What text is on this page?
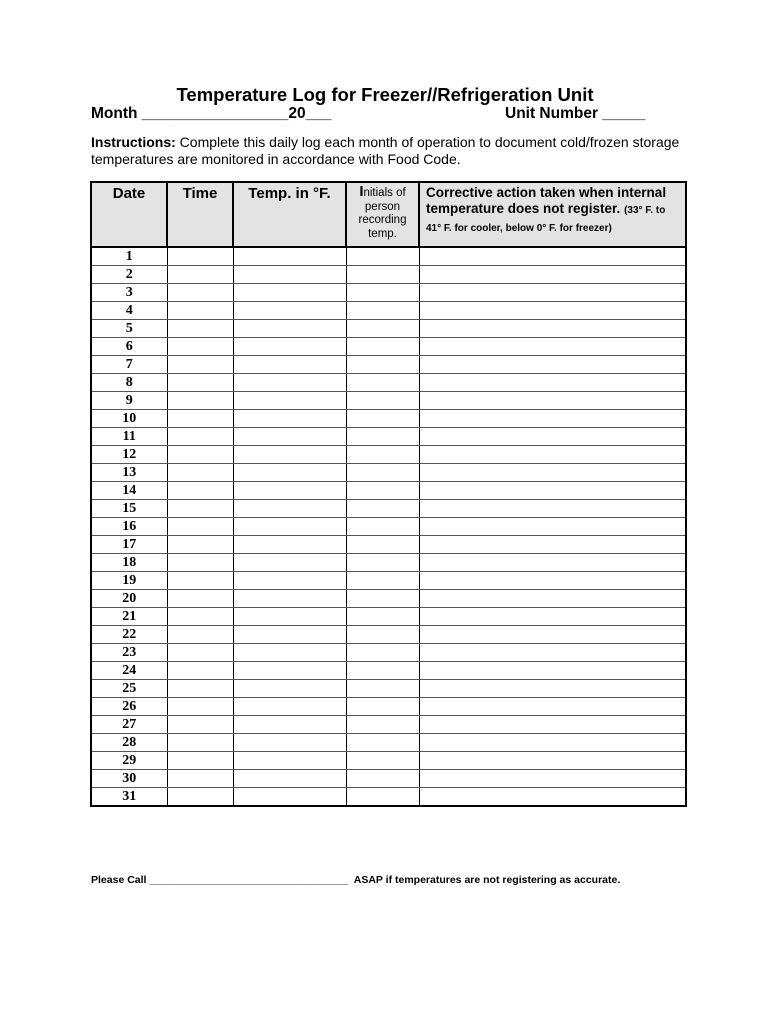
Temperature Log for Freezer//Refrigeration Unit
Month _________________20___	Unit Number _____
Instructions: Complete this daily log each month of operation to document cold/frozen storage temperatures are monitored in accordance with Food Code.
Date	Time	Temp. in °F.	Initials of person recording temp.	Corrective action taken when internal temperature does not register. (33° F. to 41° F. for cooler, below 0° F. for freezer)
1				
2				
3				
4				
5				
6				
7				
8				
9				
10				
11				
12				
13				
14				
15				
16				
17				
18				
19				
20				
21				
22				
23				
24				
25				
26				
27				
28				
29				
30				
31				
Please Call __________________________________ ASAP if temperatures are not registering as accurate.
